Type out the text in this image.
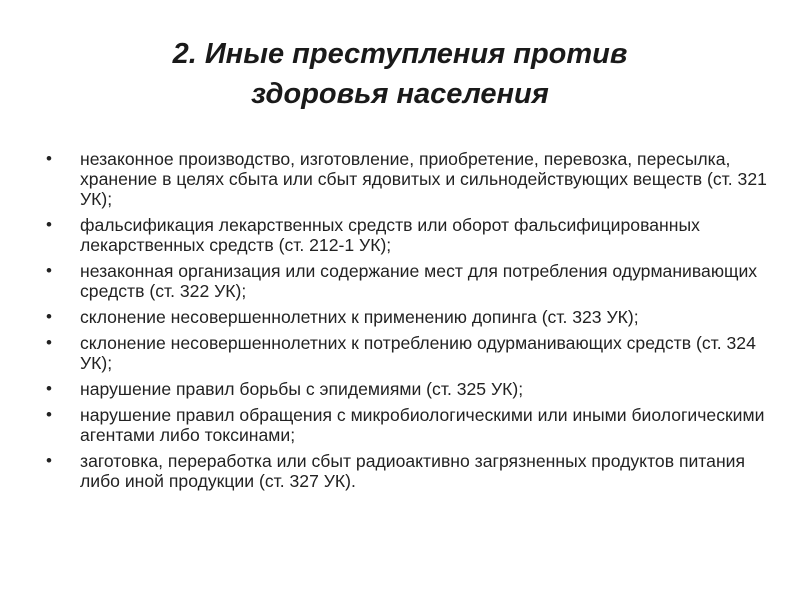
2. Иные преступления против
здоровья населения
• незаконное производство, изготовление, приобретение, перевозка, пересылка, хранение в целях сбыта или сбыт ядовитых и сильнодействующих веществ (ст. 321 УК);
• фальсификация лекарственных средств или оборот фальсифицированных лекарственных средств (ст. 212-1 УК);
• незаконная организация или содержание мест для потребления одурманивающих средств (ст. 322 УК);
• склонение несовершеннолетних к применению допинга (ст. 323 УК);
• склонение несовершеннолетних к потреблению одурманивающих средств (ст. 324 УК);
• нарушение правил борьбы с эпидемиями (ст. 325 УК);
• нарушение правил обращения с микробиологическими или иными биологическими агентами либо токсинами;
• заготовка, переработка или сбыт радиоактивно загрязненных продуктов питания либо иной продукции (ст. 327 УК).
